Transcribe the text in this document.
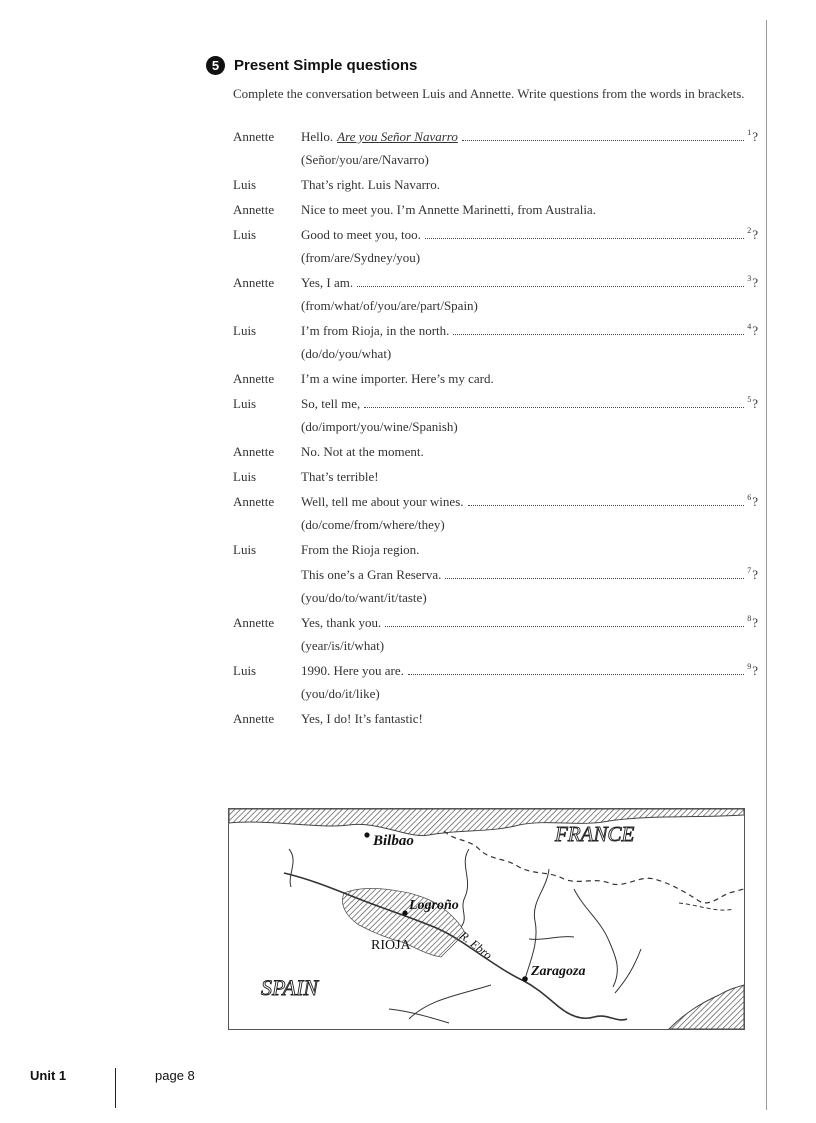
5 Present Simple questions
Complete the conversation between Luis and Annette. Write questions from the words in brackets.
Annette	Hello. Are you Señor Navarro	1 ?
(Señor/you/are/Navarro)
Luis	That’s right. Luis Navarro.
Annette	Nice to meet you. I’m Annette Marinetti, from Australia.
Luis	Good to meet you, too.	2 ?
(from/are/Sydney/you)
Annette	Yes, I am.	3 ?
(from/what/of/you/are/part/Spain)
Luis	I’m from Rioja, in the north.	4 ?
(do/do/you/what)
Annette	I’m a wine importer. Here’s my card.
Luis	So, tell me,	5 ?
(do/import/you/wine/Spanish)
Annette	No. Not at the moment.
Luis	That’s terrible!
Annette	Well, tell me about your wines.	6 ?
(do/come/from/where/they)
Luis	From the Rioja region.
This one’s a Gran Reserva.	7 ?
(you/do/to/want/it/taste)
Annette	Yes, thank you.	8 ?
(year/is/it/what)
Luis	1990. Here you are.	9 ?
(you/do/it/like)
Annette	Yes, I do! It’s fantastic!
Bilbao	FRANCE
Logroño
RIOJA	R. Ebro
Zaragoza
SPAIN
Unit 1	page 8
